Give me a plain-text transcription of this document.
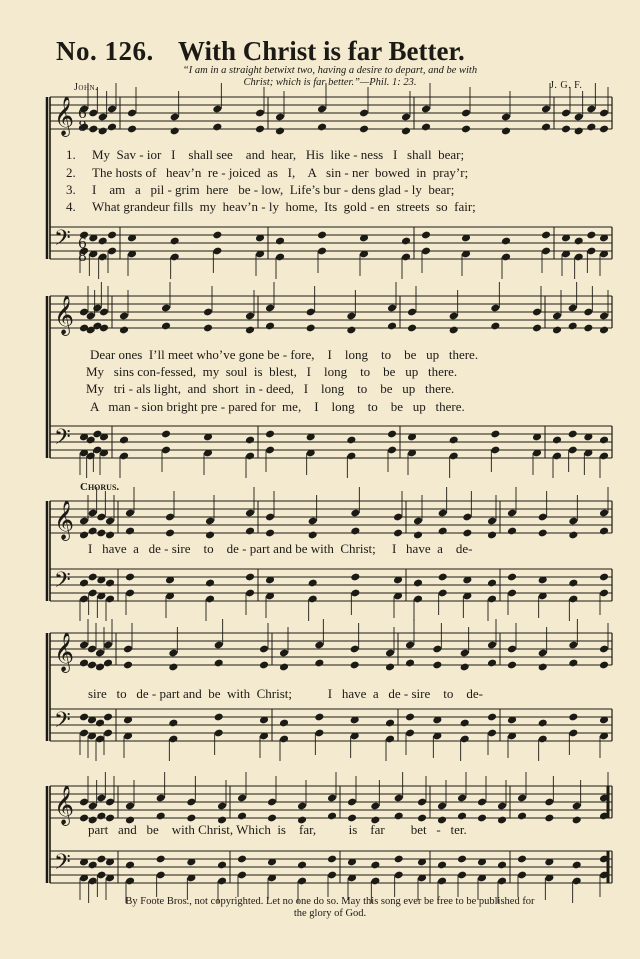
No. 126. With Christ is far Better.
“I am in a straight betwixt two, having a desire to depart, and be with
Christ; which is far better.”—Phil. 1: 23.
John.	J. G. F.
𝄞
𝄢
𝄞
𝄢
𝄞
𝄢
𝄞
𝄢
𝄞
𝄢
6
8
6
8
1. My  Sav - ior   I    shall see    and  hear,   His  like - ness   I   shall  bear;
2. The hosts of   heav’n  re - joiced  as   I,    A   sin - ner  bowed  in  pray’r;
3. I    am   a   pil - grim  here   be - low,  Life’s bur - dens glad - ly  bear;
4. What grandeur fills  my  heav’n - ly  home,  Its  gold - en  streets  so  fair;
Dear ones  I’ll meet who’ve gone be - fore,    I    long    to    be   up   there.
My   sins con-fessed,  my  soul  is  blest,   I    long    to    be   up   there.
My   tri - als light,  and  short  in - deed,   I    long    to    be   up   there.
A   man - sion bright pre - pared for  me,    I    long    to    be   up   there.
Chorus.
I   have  a   de - sire    to    de - part and be with  Christ;     I   have  a    de-
sire   to   de - part and  be  with  Christ;           I   have  a   de - sire    to    de-
part   and   be    with Christ, Which  is    far,          is    far        bet   -   ter.
By Foote Bros., not copyrighted. Let no one do so. May this song ever be free to be published for
the glory of God.
